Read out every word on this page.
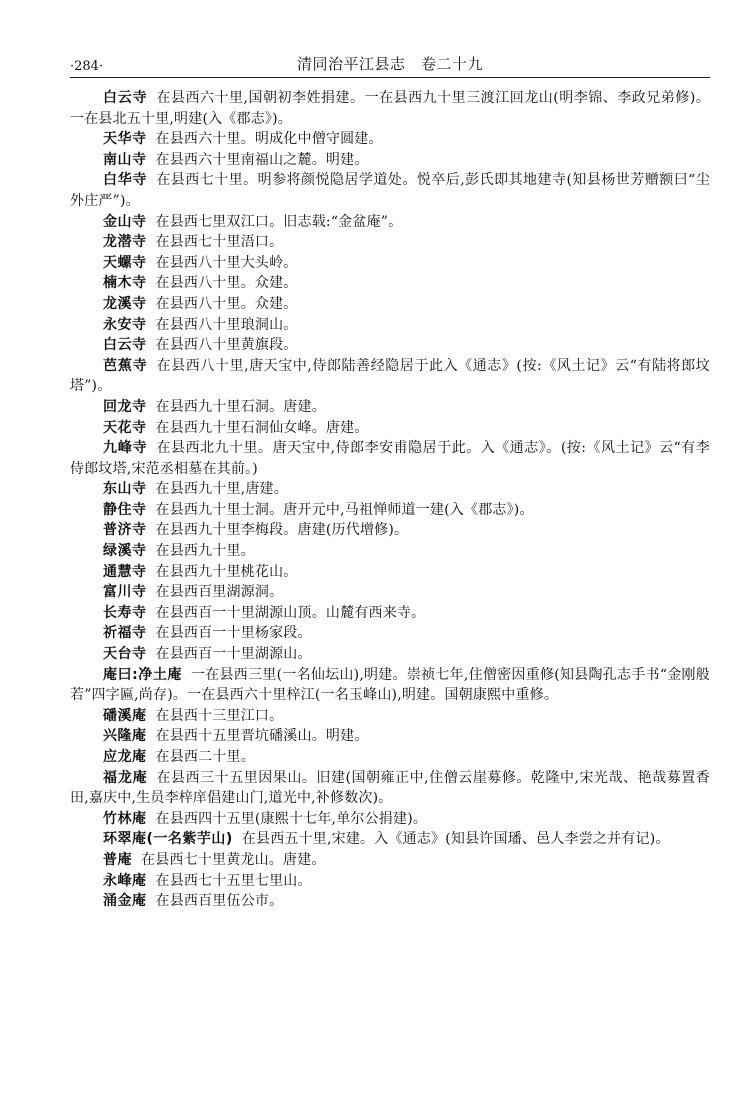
·284·	清同治平江县志　卷二十九

白云寺 在县西六十里,国朝初李姓捐建。一在县西九十里三渡江回龙山(明李锦、李政兄弟修)。一在县北五十里,明建(入《郡志》)。

天华寺 在县西六十里。明成化中僧守圆建。

南山寺 在县西六十里南福山之麓。明建。

白华寺 在县西七十里。明参将颜悦隐居学道处。悦卒后,彭氏即其地建寺(知县杨世芳赠额曰“尘外庄严”)。

金山寺 在县西七里双江口。旧志载:“金盆庵”。

龙潜寺 在县西七十里浯口。

天螺寺 在县西八十里大头岭。

楠木寺 在县西八十里。众建。

龙溪寺 在县西八十里。众建。

永安寺 在县西八十里琅洞山。

白云寺 在县西八十里黄旗段。

芭蕉寺 在县西八十里,唐天宝中,侍郎陆善经隐居于此入《通志》(按:《风土记》云“有陆将郎坟塔”)。

回龙寺 在县西九十里石洞。唐建。

天花寺 在县西九十里石洞仙女峰。唐建。

九峰寺 在县西北九十里。唐天宝中,侍郎李安甫隐居于此。入《通志》。(按:《风土记》云“有李侍郎坟塔,宋范丞相墓在其前。)

东山寺 在县西九十里,唐建。

静住寺 在县西九十里士洞。唐开元中,马祖惮师道一建(入《郡志》)。

普济寺 在县西九十里李梅段。唐建(历代增修)。

绿溪寺 在县西九十里。

通慧寺 在县西九十里桃花山。

富川寺 在县西百里湖源洞。

长寿寺 在县西百一十里湖源山顶。山麓有西来寺。

祈福寺 在县西百一十里杨家段。

天台寺 在县西百一十里湖源山。

庵曰:净土庵 一在县西三里(一名仙坛山),明建。崇祯七年,住僧密因重修(知县陶孔志手书“金刚般若”四字匾,尚存)。一在县西六十里梓江(一名玉峰山),明建。国朝康熙中重修。

磻溪庵 在县西十三里江口。

兴隆庵 在县西十五里晋坑磻溪山。明建。

应龙庵 在县西二十里。

福龙庵 在县西三十五里因果山。旧建(国朝雍正中,住僧云崖募修。乾隆中,宋光哉、艳哉募置香田,嘉庆中,生员李梓庠倡建山门,道光中,补修数次)。

竹林庵 在县西四十五里(康熙十七年,单尔公捐建)。

环翠庵(一名紫芋山) 在县西五十里,宋建。入《通志》(知县许国璠、邑人李尝之并有记)。

普庵 在县西七十里黄龙山。唐建。

永峰庵 在县西七十五里七里山。

涌金庵 在县西百里伍公市。
